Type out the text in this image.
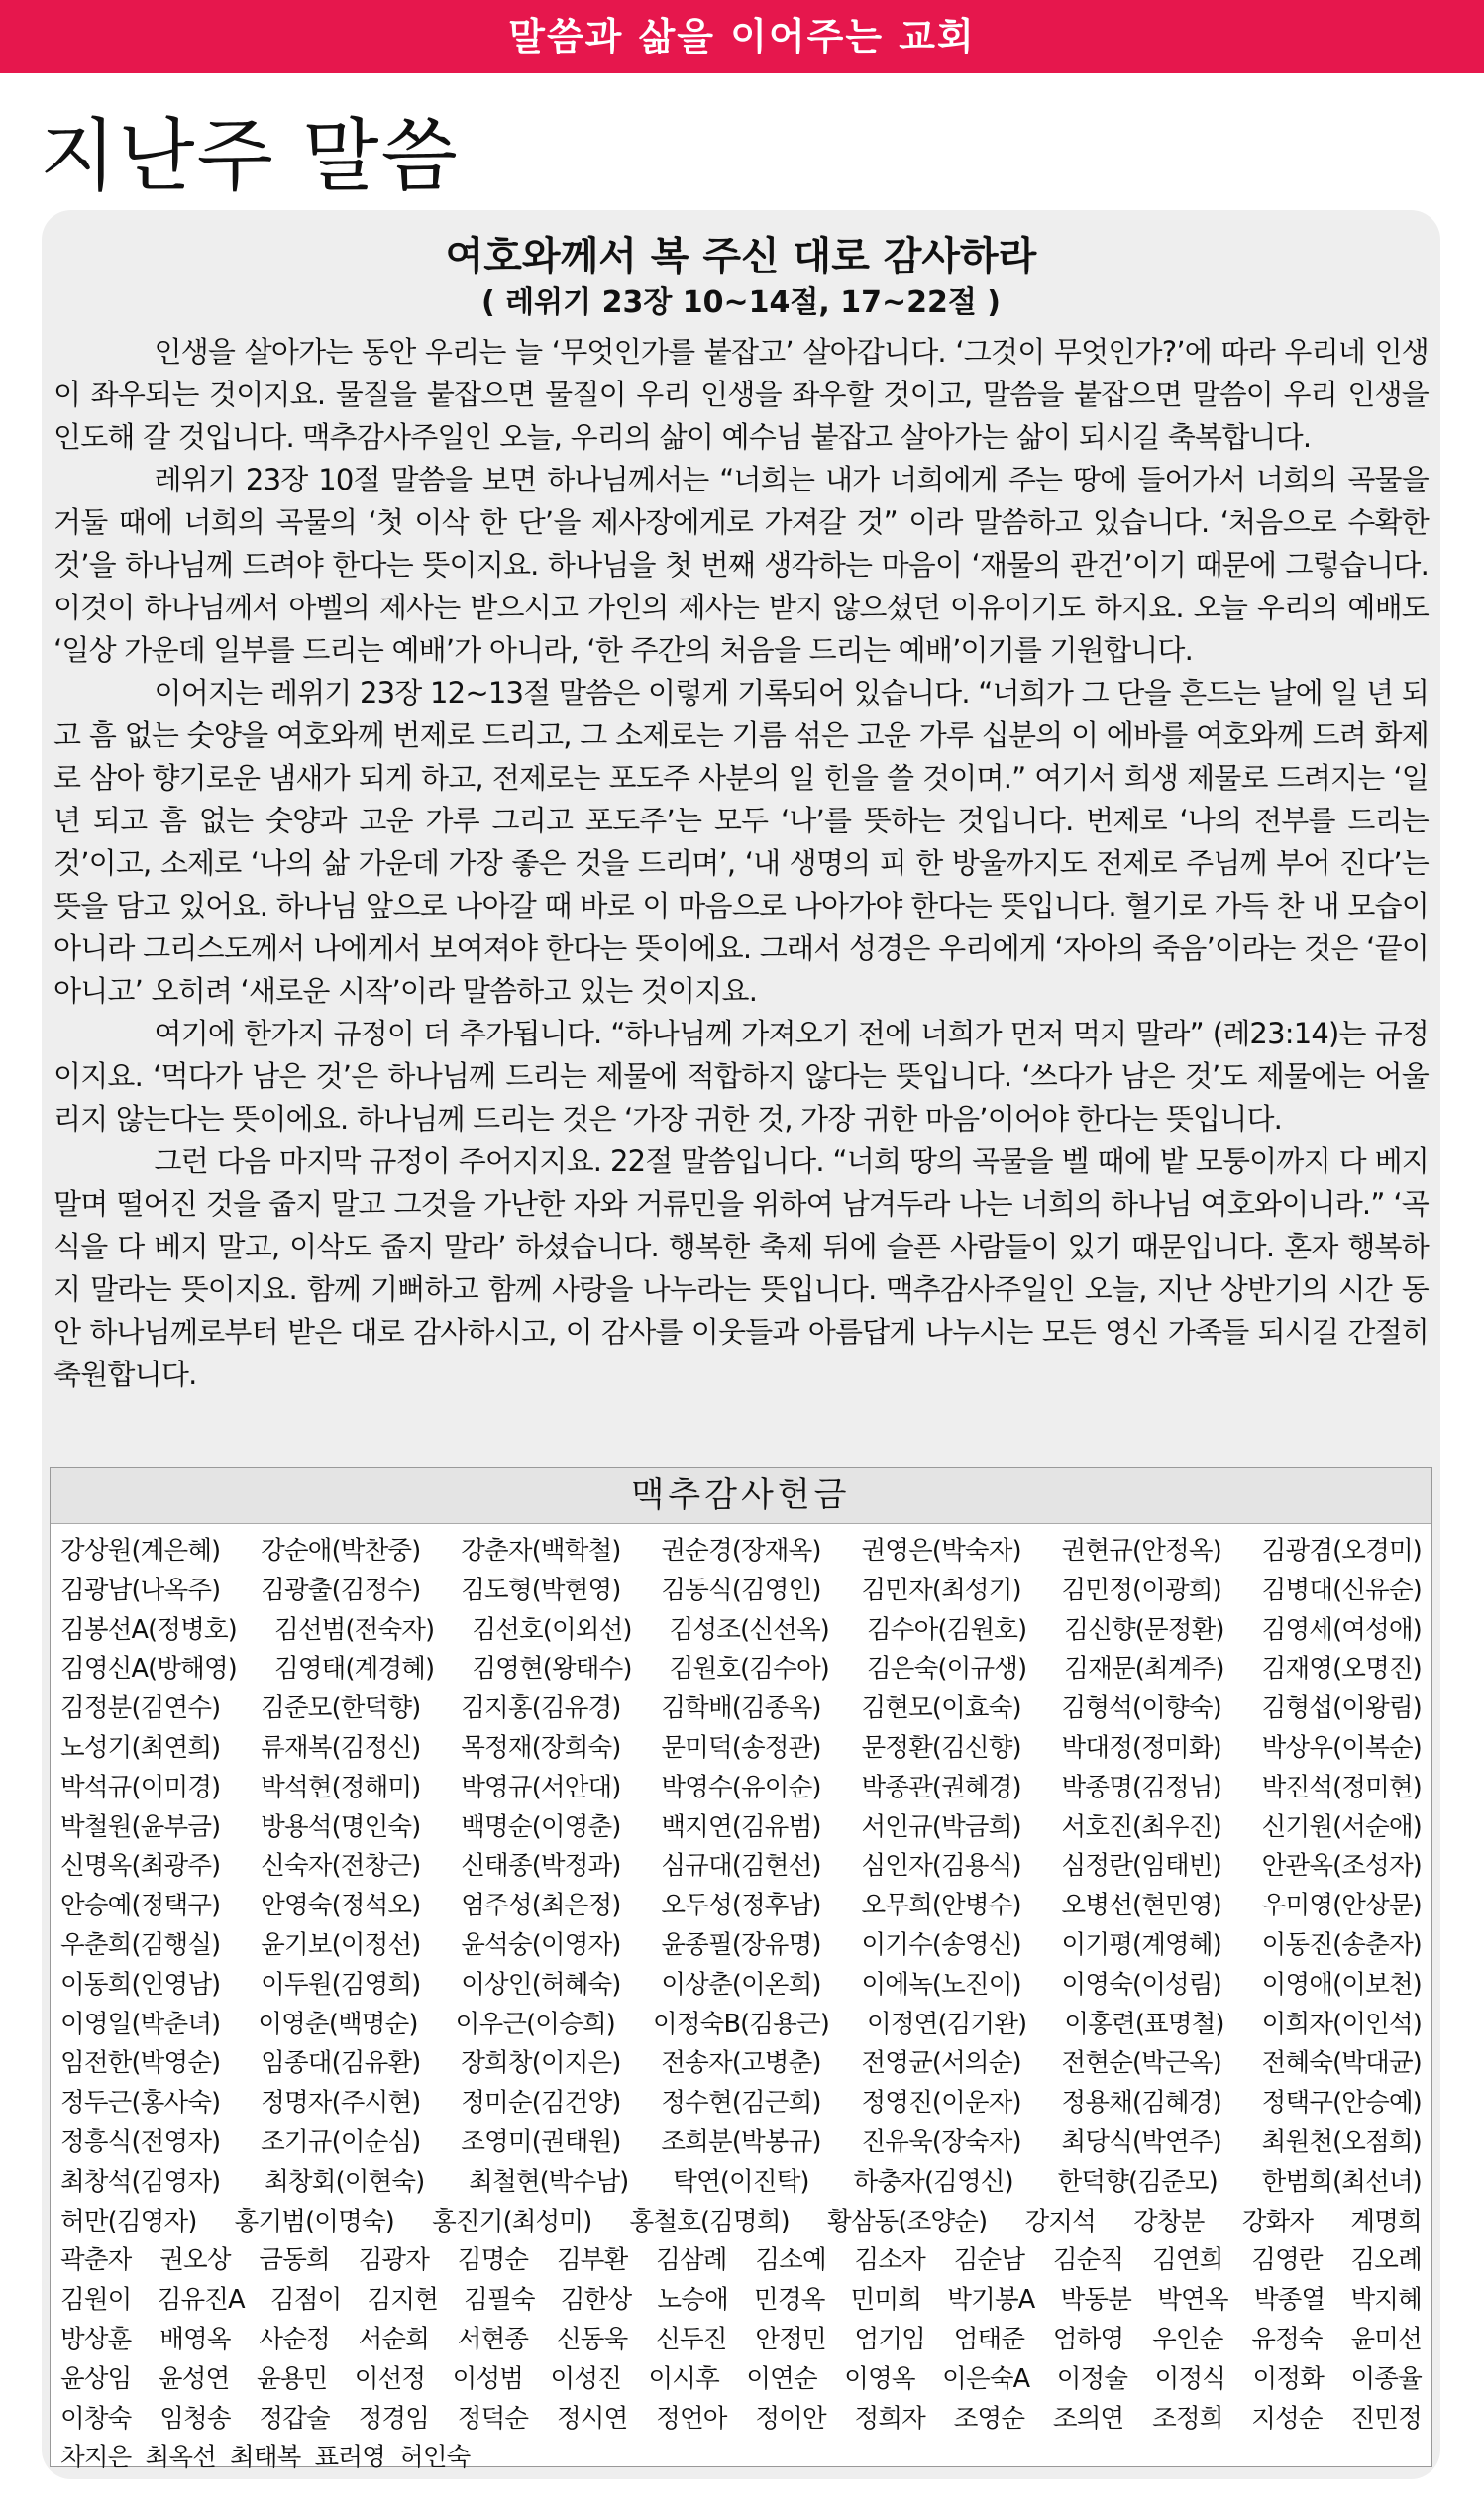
말씀과 삶을 이어주는 교회
지난주 말씀
여호와께서 복 주신 대로 감사하라
( 레위기 23장 10~14절, 17~22절 )

인생을 살아가는 동안 우리는 늘 ‘무엇인가를 붙잡고’ 살아갑니다. ‘그것이 무엇인가?’에 따라 우리네 인생이 좌우되는 것이지요. 물질을 붙잡으면 물질이 우리 인생을 좌우할 것이고, 말씀을 붙잡으면 말씀이 우리 인생을 인도해 갈 것입니다. 맥추감사주일인 오늘, 우리의 삶이 예수님 붙잡고 살아가는 삶이 되시길 축복합니다.

레위기 23장 10절 말씀을 보면 하나님께서는 “너희는 내가 너희에게 주는 땅에 들어가서 너희의 곡물을 거둘 때에 너희의 곡물의 ‘첫 이삭 한 단’을 제사장에게로 가져갈 것” 이라 말씀하고 있습니다. ‘처음으로 수확한 것’을 하나님께 드려야 한다는 뜻이지요. 하나님을 첫 번째 생각하는 마음이 ‘재물의 관건’이기 때문에 그렇습니다. 이것이 하나님께서 아벨의 제사는 받으시고 가인의 제사는 받지 않으셨던 이유이기도 하지요. 오늘 우리의 예배도 ‘일상 가운데 일부를 드리는 예배’가 아니라, ‘한 주간의 처음을 드리는 예배’이기를 기원합니다.

이어지는 레위기 23장 12~13절 말씀은 이렇게 기록되어 있습니다. “너희가 그 단을 흔드는 날에 일 년 되고 흠 없는 숫양을 여호와께 번제로 드리고, 그 소제로는 기름 섞은 고운 가루 십분의 이 에바를 여호와께 드려 화제로 삼아 향기로운 냄새가 되게 하고, 전제로는 포도주 사분의 일 힌을 쓸 것이며.” 여기서 희생 제물로 드려지는 ‘일 년 되고 흠 없는 숫양과 고운 가루 그리고 포도주’는 모두 ‘나’를 뜻하는 것입니다. 번제로 ‘나의 전부를 드리는 것’이고, 소제로 ‘나의 삶 가운데 가장 좋은 것을 드리며’, ‘내 생명의 피 한 방울까지도 전제로 주님께 부어 진다’는 뜻을 담고 있어요. 하나님 앞으로 나아갈 때 바로 이 마음으로 나아가야 한다는 뜻입니다. 혈기로 가득 찬 내 모습이 아니라 그리스도께서 나에게서 보여져야 한다는 뜻이에요. 그래서 성경은 우리에게 ‘자아의 죽음’이라는 것은 ‘끝이 아니고’ 오히려 ‘새로운 시작’이라 말씀하고 있는 것이지요.

여기에 한가지 규정이 더 추가됩니다. “하나님께 가져오기 전에 너희가 먼저 먹지 말라” (레23:14)는 규정이지요. ‘먹다가 남은 것’은 하나님께 드리는 제물에 적합하지 않다는 뜻입니다. ‘쓰다가 남은 것’도 제물에는 어울리지 않는다는 뜻이에요. 하나님께 드리는 것은 ‘가장 귀한 것, 가장 귀한 마음’이어야 한다는 뜻입니다.

그런 다음 마지막 규정이 주어지지요. 22절 말씀입니다. “너희 땅의 곡물을 벨 때에 밭 모퉁이까지 다 베지 말며 떨어진 것을 줍지 말고 그것을 가난한 자와 거류민을 위하여 남겨두라 나는 너희의 하나님 여호와이니라.” ‘곡식을 다 베지 말고, 이삭도 줍지 말라’ 하셨습니다. 행복한 축제 뒤에 슬픈 사람들이 있기 때문입니다. 혼자 행복하지 말라는 뜻이지요. 함께 기뻐하고 함께 사랑을 나누라는 뜻입니다. 맥추감사주일인 오늘, 지난 상반기의 시간 동안 하나님께로부터 받은 대로 감사하시고, 이 감사를 이웃들과 아름답게 나누시는 모든 영신 가족들 되시길 간절히 축원합니다.

맥추감사헌금
강상원(계은혜) 강순애(박찬중) 강춘자(백학철) 권순경(장재옥) 권영은(박숙자) 권현규(안정옥) 김광겸(오경미)
김광남(나옥주) 김광출(김정수) 김도형(박현영) 김동식(김영인) 김민자(최성기) 김민정(이광희) 김병대(신유순)
김봉선A(정병호) 김선범(전숙자) 김선호(이외선) 김성조(신선옥) 김수아(김원호) 김신향(문정환) 김영세(여성애)
김영신A(방해영) 김영태(계경혜) 김영현(왕태수) 김원호(김수아) 김은숙(이규생) 김재문(최계주) 김재영(오명진)
김정분(김연수) 김준모(한덕향) 김지홍(김유경) 김학배(김종옥) 김현모(이효숙) 김형석(이향숙) 김형섭(이왕림)
노성기(최연희) 류재복(김정신) 목정재(장희숙) 문미덕(송정관) 문정환(김신향) 박대정(정미화) 박상우(이복순)
박석규(이미경) 박석현(정해미) 박영규(서안대) 박영수(유이순) 박종관(권혜경) 박종명(김정님) 박진석(정미현)
박철원(윤부금) 방용석(명인숙) 백명순(이영춘) 백지연(김유범) 서인규(박금희) 서호진(최우진) 신기원(서순애)
신명옥(최광주) 신숙자(전창근) 신태종(박정과) 심규대(김현선) 심인자(김용식) 심정란(임태빈) 안관옥(조성자)
안승예(정택구) 안영숙(정석오) 엄주성(최은정) 오두성(정후남) 오무희(안병수) 오병선(현민영) 우미영(안상문)
우춘희(김행실) 윤기보(이정선) 윤석숭(이영자) 윤종필(장유명) 이기수(송영신) 이기평(계영혜) 이동진(송춘자)
이동희(인영남) 이두원(김영희) 이상인(허혜숙) 이상춘(이온희) 이에녹(노진이) 이영숙(이성림) 이영애(이보천)
이영일(박춘녀) 이영춘(백명순) 이우근(이승희) 이정숙B(김용근) 이정연(김기완) 이홍련(표명철) 이희자(이인석)
임전한(박영순) 임종대(김유환) 장희창(이지은) 전송자(고병춘) 전영균(서의순) 전현순(박근옥) 전혜숙(박대균)
정두근(홍사숙) 정명자(주시현) 정미순(김건양) 정수현(김근희) 정영진(이운자) 정용채(김혜경) 정택구(안승예)
정흥식(전영자) 조기규(이순심) 조영미(권태원) 조희분(박봉규) 진유욱(장숙자) 최당식(박연주) 최원천(오점희)
최창석(김영자) 최창회(이현숙) 최철현(박수남) 탁연(이진탁) 하충자(김영신) 한덕향(김준모) 한범희(최선녀)
허만(김영자) 홍기범(이명숙) 홍진기(최성미) 홍철호(김명희) 황삼동(조양순) 강지석 강창분 강화자 계명희
곽춘자 권오상 금동희 김광자 김명순 김부환 김삼례 김소예 김소자 김순남 김순직 김연희 김영란 김오례
김원이 김유진A 김점이 김지현 김필숙 김한상 노승애 민경옥 민미희 박기봉A 박동분 박연옥 박종열 박지혜
방상훈 배영옥 사순정 서순희 서현종 신동욱 신두진 안정민 엄기임 엄태준 엄하영 우인순 유정숙 윤미선
윤상임 윤성연 윤용민 이선정 이성범 이성진 이시후 이연순 이영옥 이은숙A 이정술 이정식 이정화 이종율
이창숙 임청송 정갑술 정경임 정덕순 정시연 정언아 정이안 정희자 조영순 조의연 조정희 지성순 진민정
차지은 최옥선 최태복 표려영 허인숙
